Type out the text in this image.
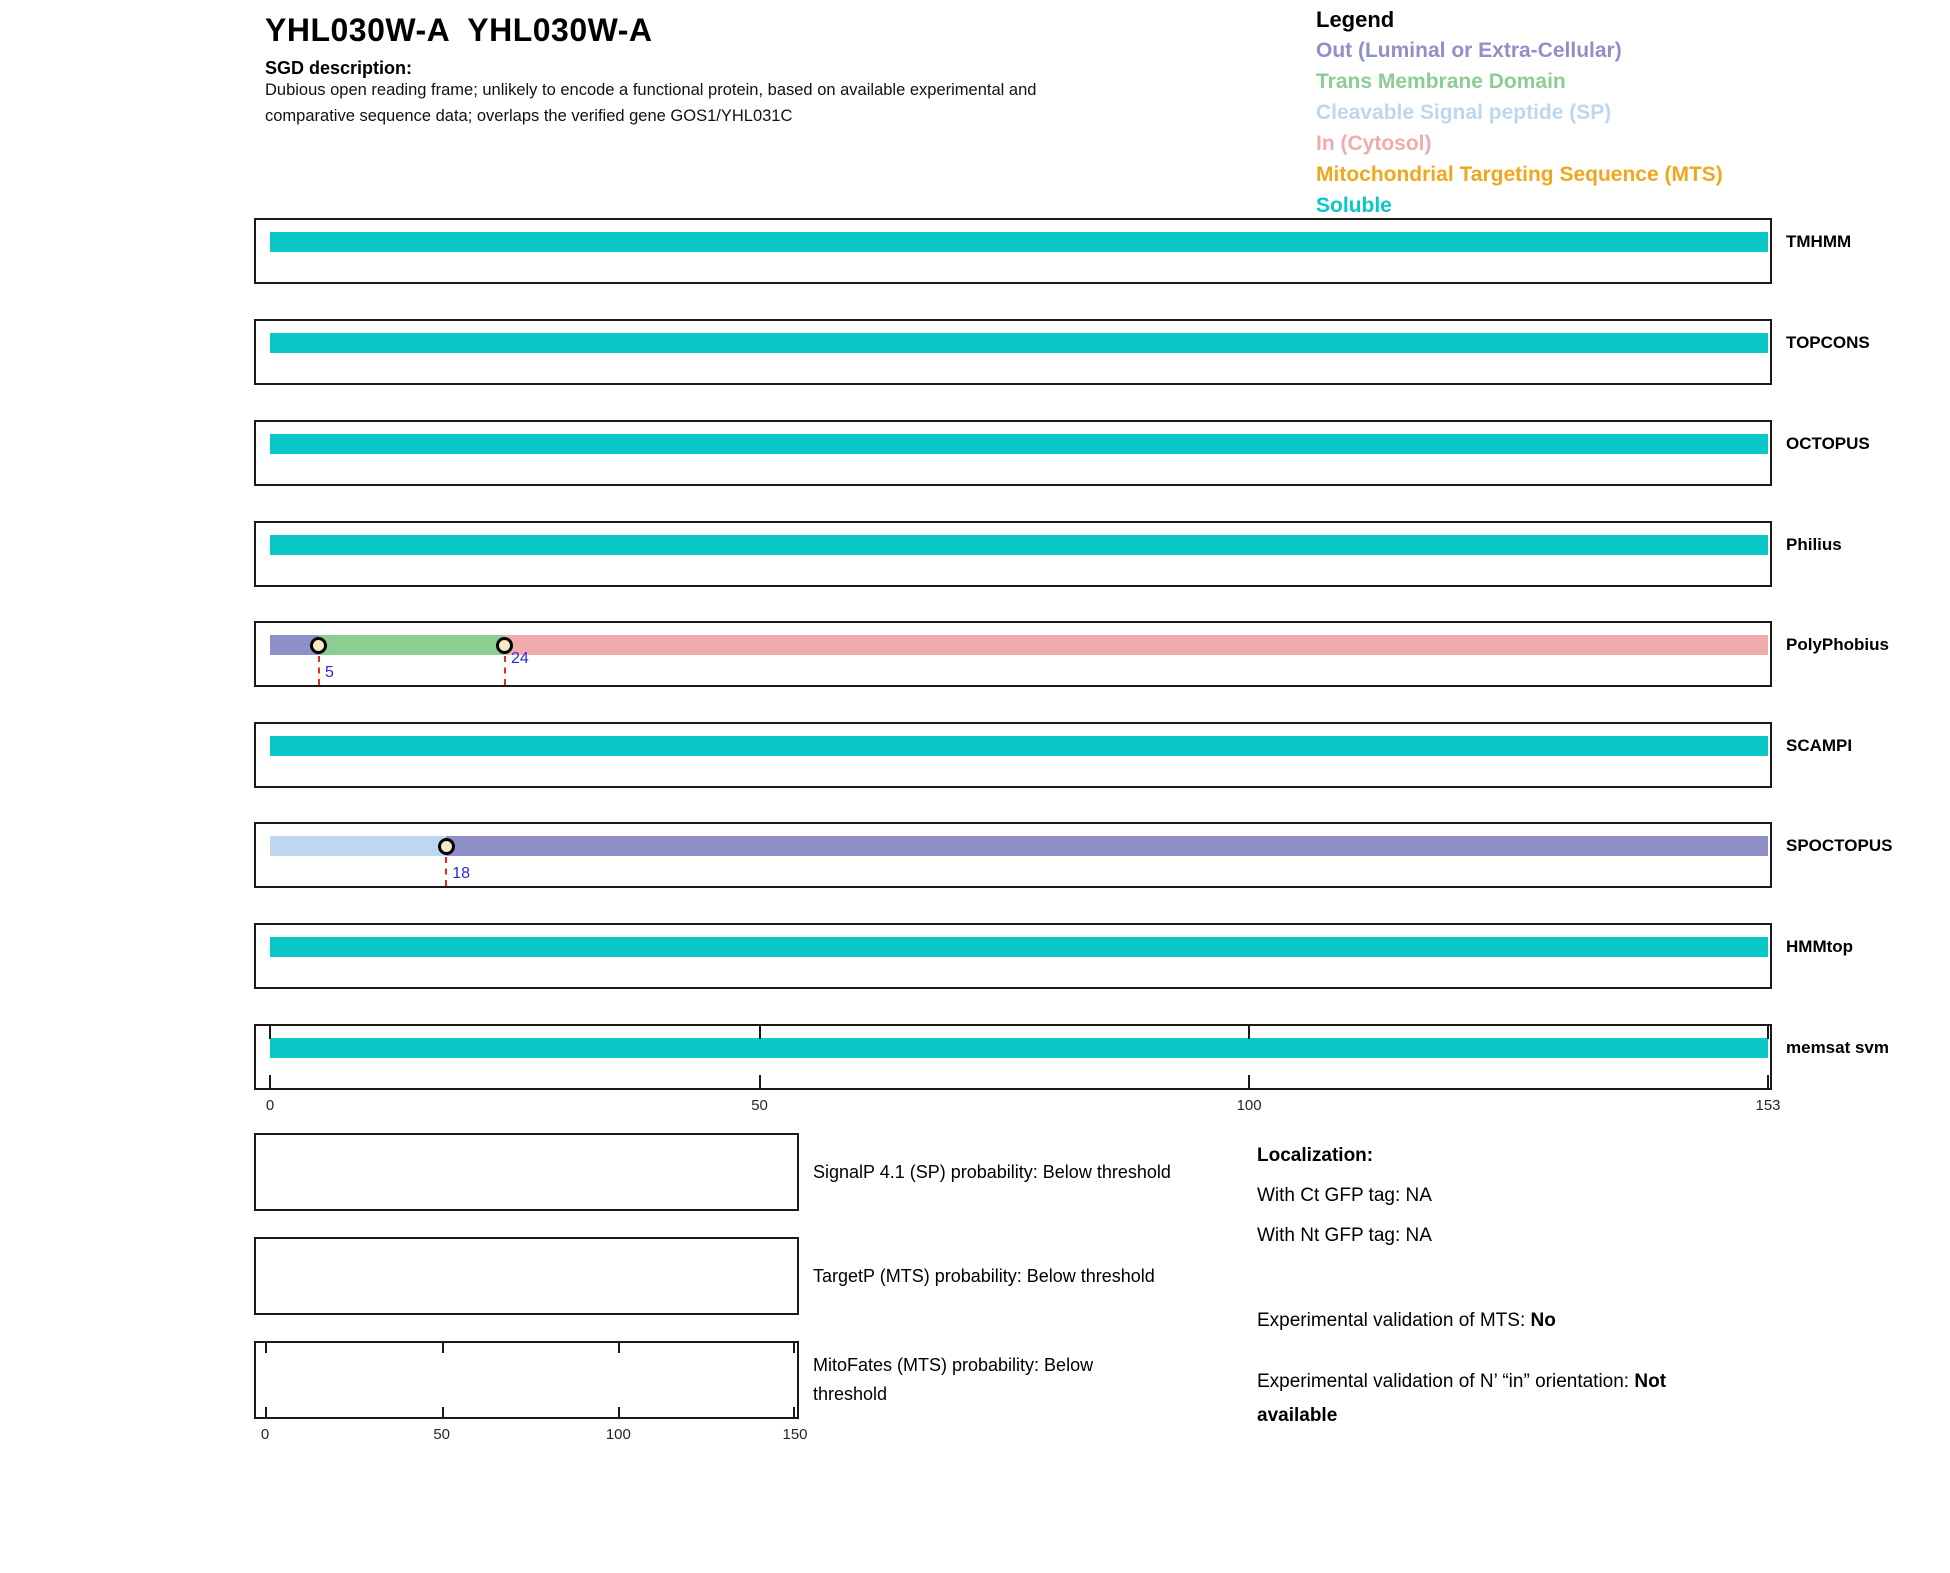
YHL030W-A  YHL030W-A
SGD description:
Dubious open reading frame; unlikely to encode a functional protein, based on available experimental and
comparative sequence data; overlaps the verified gene GOS1/YHL031C
Legend
Out (Luminal or Extra-Cellular)
Trans Membrane Domain
Cleavable Signal peptide (SP)
In (Cytosol)
Mitochondrial Targeting Sequence (MTS)
Soluble
TMHMM
TOPCONS
OCTOPUS
Philius
5
24
PolyPhobius
SCAMPI
18
SPOCTOPUS
HMMtop
memsat svm
0	50	100	153
SignalP 4.1 (SP) probability: Below threshold
TargetP (MTS) probability: Below threshold
MitoFates (MTS) probability: Below
threshold
0	50	100	150
Localization:
With Ct GFP tag: NA
With Nt GFP tag: NA
Experimental validation of MTS: No
Experimental validation of N’ “in” orientation: Not available
